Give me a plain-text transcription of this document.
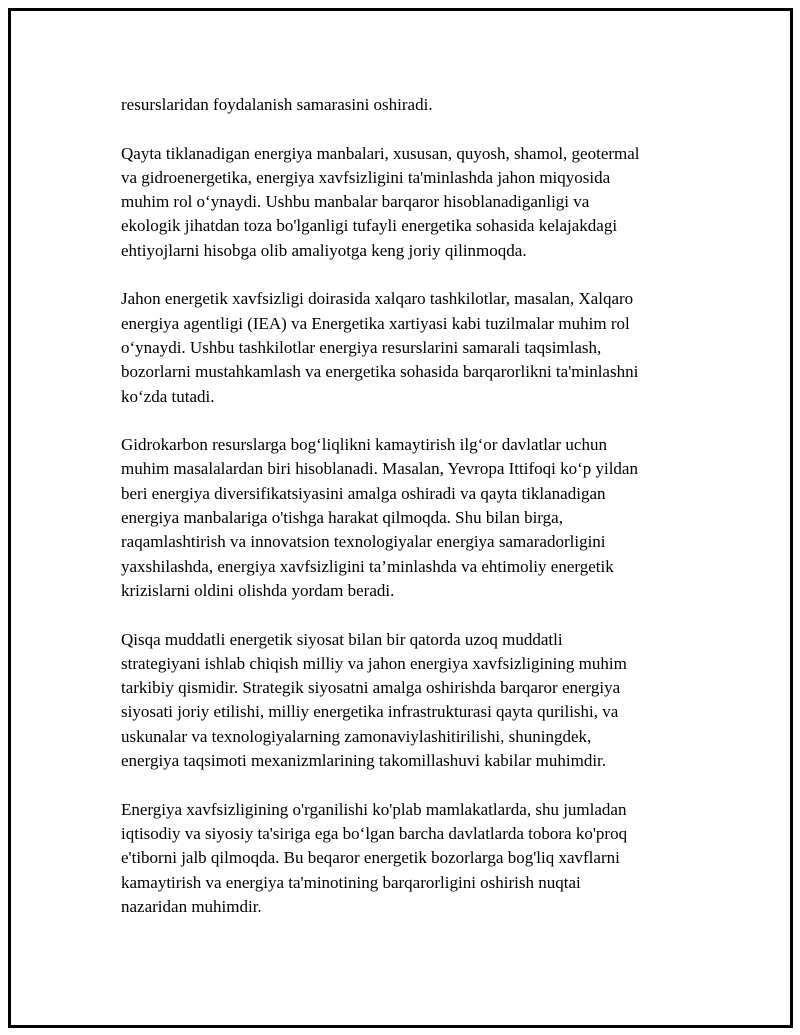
resurslaridan foydalanish samarasini oshiradi.

Qayta tiklanadigan energiya manbalari, xususan, quyosh, shamol, geotermal
va gidroenergetika, energiya xavfsizligini ta'minlashda jahon miqyosida
muhim rol o‘ynaydi. Ushbu manbalar barqaror hisoblanadiganligi va
ekologik jihatdan toza bo'lganligi tufayli energetika sohasida kelajakdagi
ehtiyojlarni hisobga olib amaliyotga keng joriy qilinmoqda.

Jahon energetik xavfsizligi doirasida xalqaro tashkilotlar, masalan, Xalqaro
energiya agentligi (IEA) va Energetika xartiyasi kabi tuzilmalar muhim rol
o‘ynaydi. Ushbu tashkilotlar energiya resurslarini samarali taqsimlash,
bozorlarni mustahkamlash va energetika sohasida barqarorlikni ta'minlashni
ko‘zda tutadi.

Gidrokarbon resurslarga bog‘liqlikni kamaytirish ilg‘or davlatlar uchun
muhim masalalardan biri hisoblanadi. Masalan, Yevropa Ittifoqi ko‘p yildan
beri energiya diversifikatsiyasini amalga oshiradi va qayta tiklanadigan
energiya manbalariga o'tishga harakat qilmoqda. Shu bilan birga,
raqamlashtirish va innovatsion texnologiyalar energiya samaradorligini
yaxshilashda, energiya xavfsizligini ta’minlashda va ehtimoliy energetik
krizislarni oldini olishda yordam beradi.

Qisqa muddatli energetik siyosat bilan bir qatorda uzoq muddatli
strategiyani ishlab chiqish milliy va jahon energiya xavfsizligining muhim
tarkibiy qismidir. Strategik siyosatni amalga oshirishda barqaror energiya
siyosati joriy etilishi, milliy energetika infrastrukturasi qayta qurilishi, va
uskunalar va texnologiyalarning zamonaviylashitirilishi, shuningdek,
energiya taqsimoti mexanizmlarining takomillashuvi kabilar muhimdir.

Energiya xavfsizligining o'rganilishi ko'plab mamlakatlarda, shu jumladan
iqtisodiy va siyosiy ta'siriga ega bo‘lgan barcha davlatlarda tobora ko'proq
e'tiborni jalb qilmoqda. Bu beqaror energetik bozorlarga bog'liq xavflarni
kamaytirish va energiya ta'minotining barqarorligini oshirish nuqtai
nazaridan muhimdir.
